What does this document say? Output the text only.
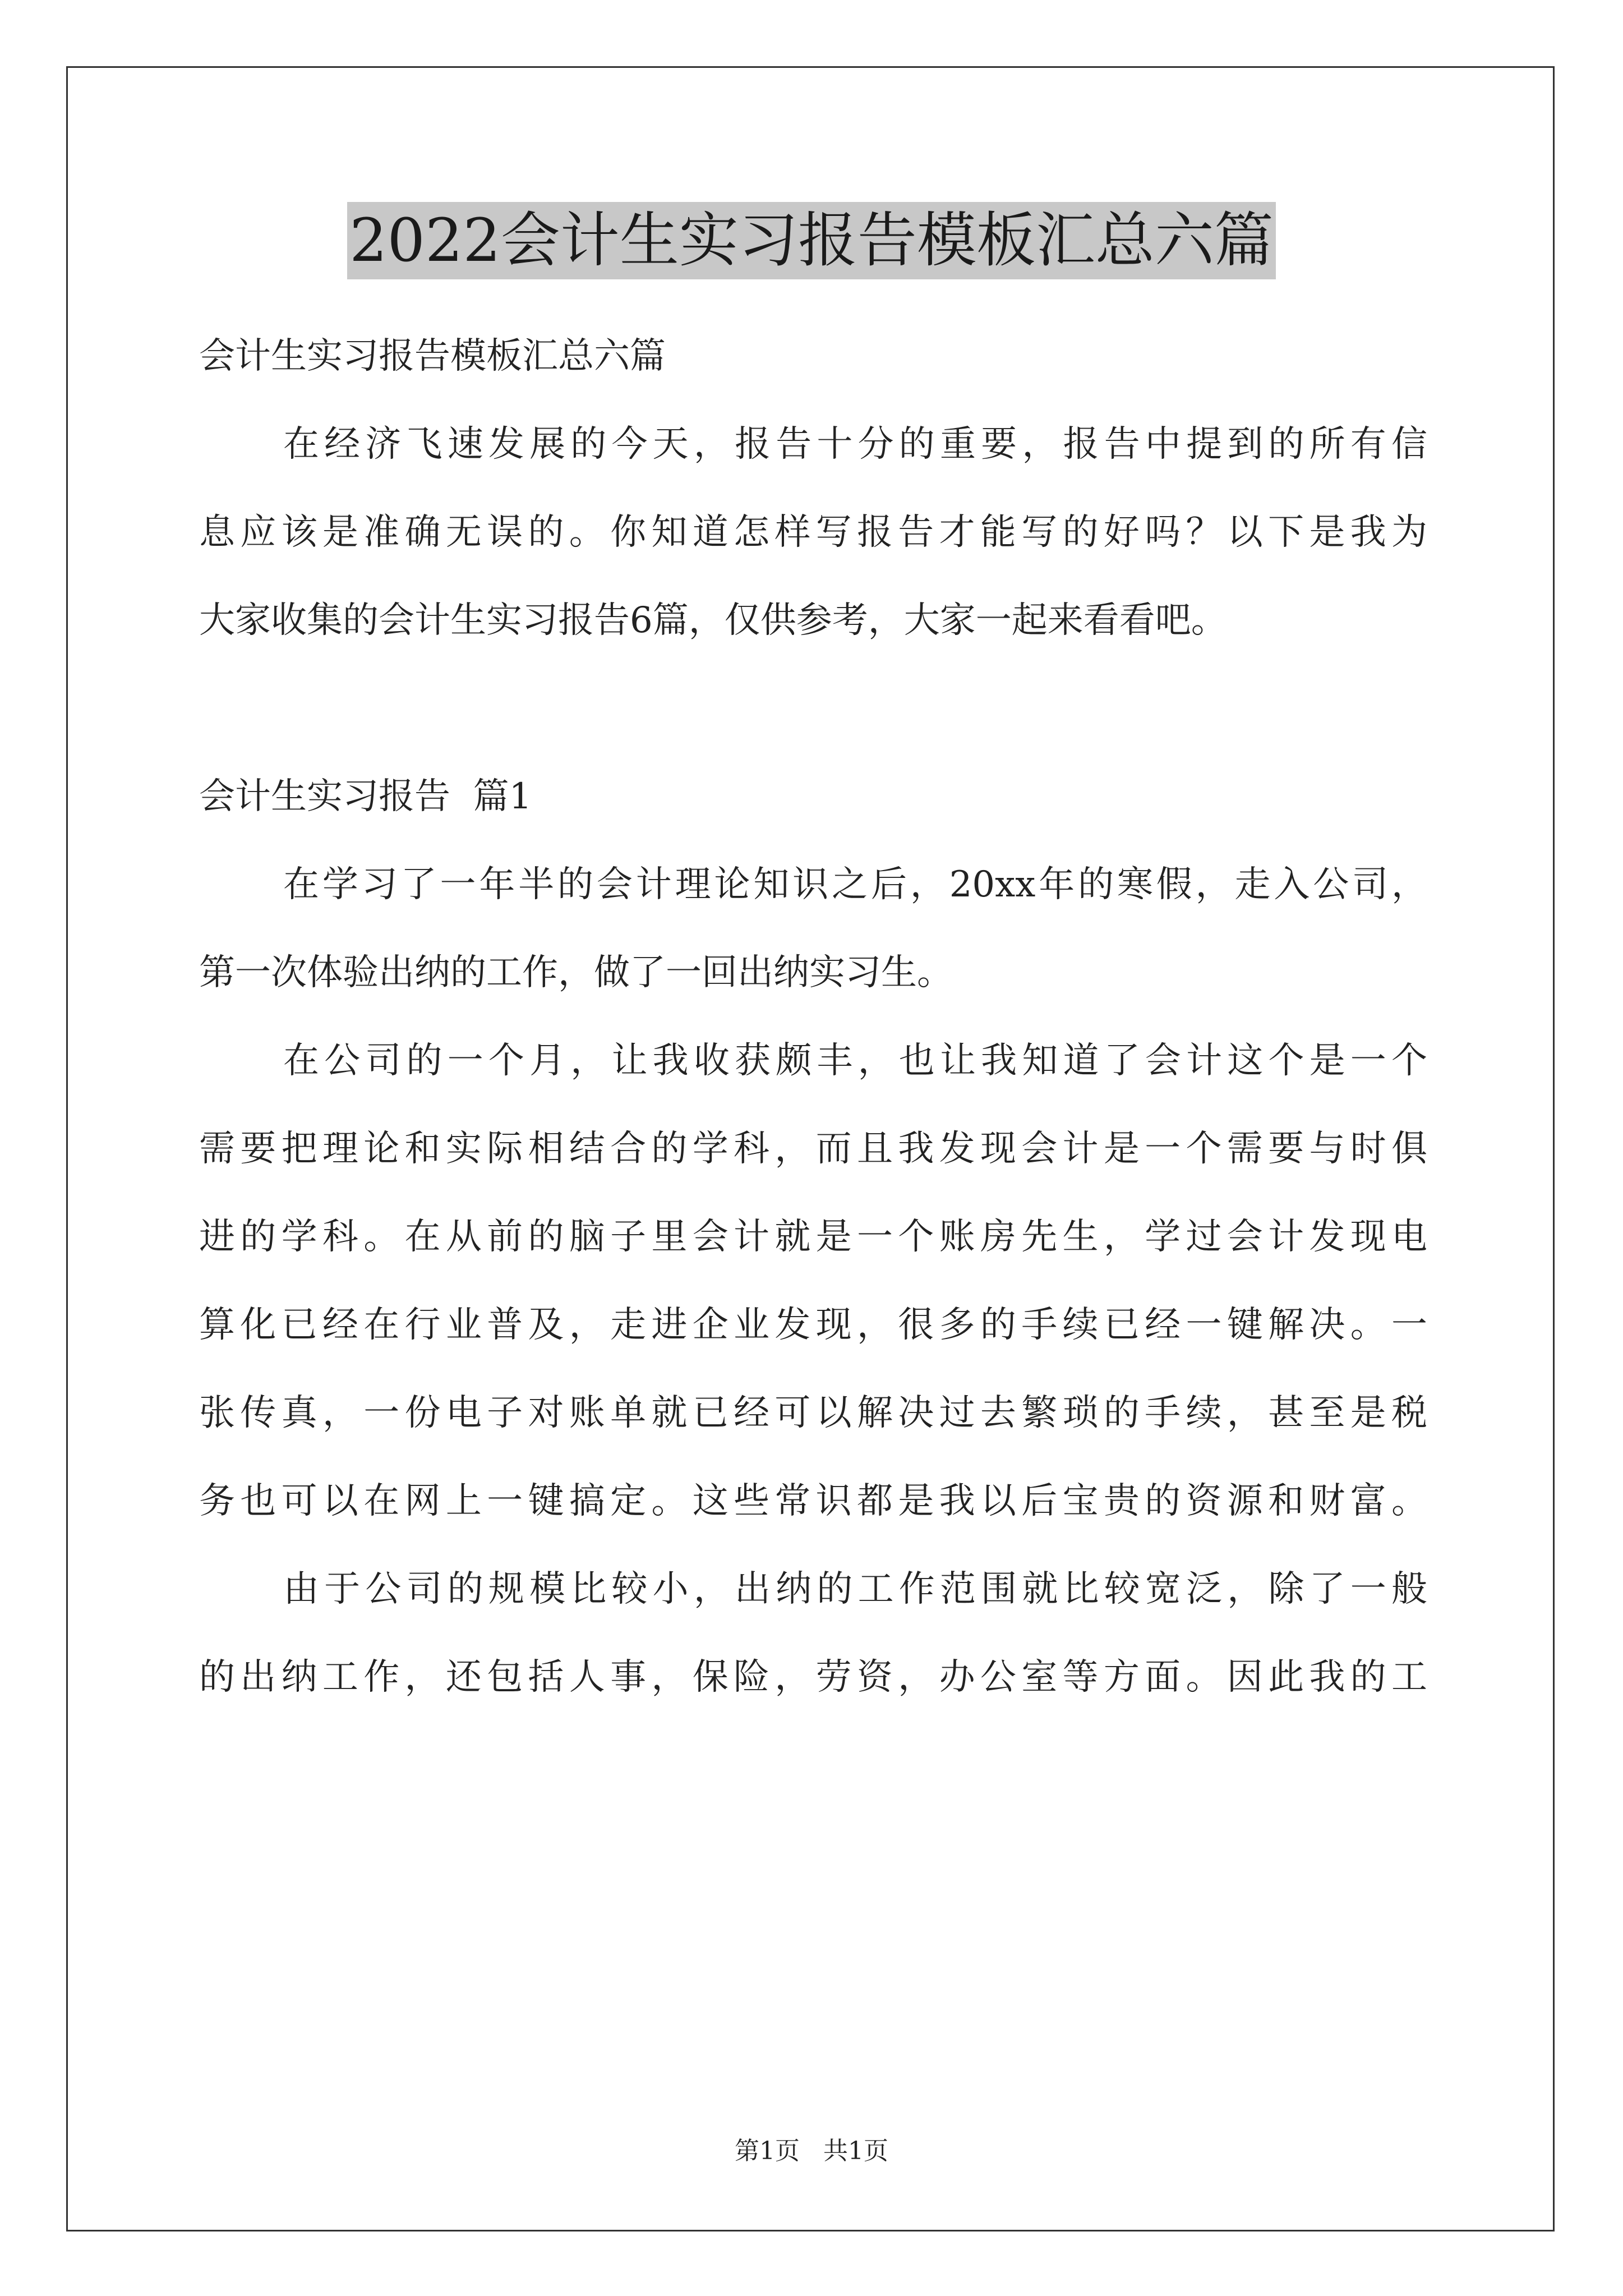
2022会计生实习报告模板汇总六篇
会计生实习报告模板汇总六篇
在经济飞速发展的今天，报告十分的重要，报告中提到的所有信
息应该是准确无误的。你知道怎样写报告才能写的好吗？以下是我为
大家收集的会计生实习报告6篇，仅供参考，大家一起来看看吧。
会计生实习报告  篇1
在学习了一年半的会计理论知识之后，20xx年的寒假，走入公司，
第一次体验出纳的工作，做了一回出纳实习生。
在公司的一个月，让我收获颇丰，也让我知道了会计这个是一个
需要把理论和实际相结合的学科，而且我发现会计是一个需要与时俱
进的学科。在从前的脑子里会计就是一个账房先生，学过会计发现电
算化已经在行业普及，走进企业发现，很多的手续已经一键解决。一
张传真，一份电子对账单就已经可以解决过去繁琐的手续，甚至是税
务也可以在网上一键搞定。这些常识都是我以后宝贵的资源和财富。
由于公司的规模比较小，出纳的工作范围就比较宽泛，除了一般
的出纳工作，还包括人事，保险，劳资，办公室等方面。因此我的工
第1页   共1页
